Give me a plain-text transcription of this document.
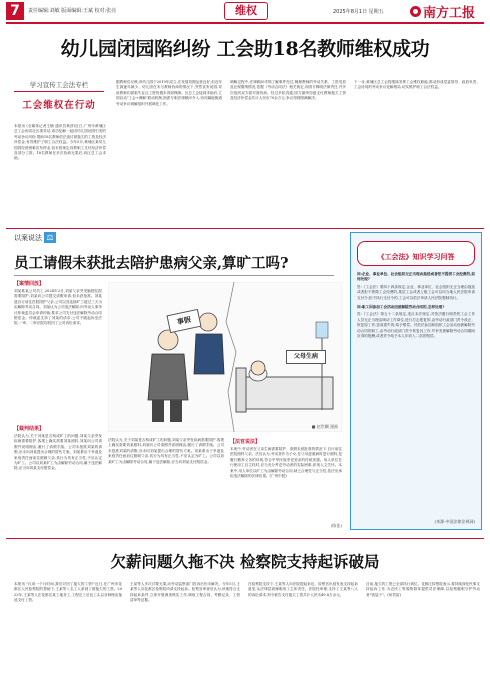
7	责任编辑:刘敏 版面编辑:王斌 校对:张亮	维权	2025年8月1日 星期五	南方工报
幼儿园闭园陷纠纷 工会助18名教师维权成功
学习宣传工会法专栏
工会维权在行动
本报讯 (全媒体记者王楠 通讯员黄淳)近日,广州市黄埔区总工会协同社区指导站,成功化解一起因幼儿园闭园引发的劳动争议纠纷,帮助18名教师依法追讨被拖欠的工资及经济补偿金,有效维护了职工合法权益。今年5月,黄埔区某幼儿园因经营困难宣布停业,但未按规定向教职工支付经济补偿及部分工资。18名教师在多次协商无果后,向区总工会求助。
据教师们反映,该幼儿园于2019年成立,在发展初期运营良好,但近年生源逐年减少。幼儿园在未与教师协商的情况下,突然宣布闭园,导致教师们面临失业且工资待遇未得到保障。区总工会接到求助后,立即启动"工会+调解"联动机制,指派专职法律顾问介入,协同属地街道劳动争议调解组织开展调处工作。
调解过程中,法律顾问详细了解事件经过,梳理教师的劳动关系、工资发放及社保缴纳情况,依据《劳动合同法》相关规定,向园方释明法律责任,并多次组织双方面对面协商。经过多轮沟通,园方最终同意支付教师拖欠工资及经济补偿金共计人民币70余万元,争议得到圆满解决。
下一步,黄埔区总工会将继续发挥工会维权职能,推动形成党委领导、政府负责、工会协同的劳动争议化解格局,切实维护职工合法权益。
以案说法 ⚖
员工请假未获批去陪护患病父亲,算旷工吗?
【案情回放】
刘某系某公司员工,2024年2月,刘某父亲突发脑梗住院需要陪护,刘某向公司提交请假申请,但未获批准。刘某遂自行前往医院陪护父亲,公司以其连续旷工超过三天为由解除劳动合同。刘某认为公司违法解除,向劳动人事争议仲裁委员会申请仲裁,要求公司支付违法解除劳动合同赔偿金。仲裁委支持了刘某的请求,公司不服起诉至法院,一审、二审法院均驳回了公司诉讼请求。
【裁判结果】
法院认为,关于刘某是否构成旷工的问题,刘某父亲突发疾病需要陪护,客观上确实需要刘某照料,刘某向公司请假并说明理由,履行了请假手续。公司未批准刘某的请假,亦未向刘某提出合理的替代方案。刘某系出于孝道及家庭责任而前往照顾父亲,其行为具有正当性,不应认定为旷工。公司以刘某旷工为由解除劳动合同,属于违法解除,应当向刘某支付赔偿金。
事假
父母生病
■ 赵世麟 漫画
法院认为,关于刘某是否构成旷工的问题,刘某父亲突发疾病需要陪护,客观上确实需要刘某照料,刘某向公司请假并说明理由,履行了请假手续。公司未批准刘某的请假,亦未向刘某提出合理的替代方案。刘某系出于孝道及家庭责任而前往照顾父亲,其行为具有正当性,不应认定为旷工。公司以刘某旷工为由解除劳动合同,属于违法解除,应当向刘某支付赔偿金。
【法官说法】
本案中,劳动者在父亲生病需要陪护、请假未被批准的情况下,自行前往医院照料父亲。法官认为,劳动者作为子女,在父母患重病时进行照料,是履行赡养义务的体现,符合中华民族孝老爱亲的传统美德。用人单位在行使用工自主权时,应当充分考虑劳动者的实际困难,体现人文关怀。本案中,用人单位以旷工为由解除劳动合同,缺乏合理性与正当性,依法应承担违法解除的法律后果。(广州中院)
(陈佳)
《工会法》知识学习问答
问:企业、事业单位、社会组织无正当理由拖延或者拒不提供工会经费的,如何处理?
答:《工会法》第四十四条规定,企业、事业单位、社会组织无正当理由拖延或者拒不拨缴工会经费的,基层工会或者上级工会可以向当地人民法院申请支付令;拒不执行支付令的,工会可以依法申请人民法院强制执行。
问:职工因参加工会活动而被解除劳动合同的,怎样处理?
答:《工会法》第五十二条规定,违反本法规定,对依法履行职责的工会工作人员无正当理由调动工作岗位,进行打击报复的,由劳动行政部门责令改正、恢复原工作;造成损失的,给予赔偿。对依法参加和组织工会活动而被解除劳动合同的职工,由劳动行政部门责令恢复其工作,并补发被解除劳动合同期间应得的报酬,或者责令给予本人年收入二倍的赔偿。
(来源:中国法律法规网)
欠薪问题久拖不决 检察院支持起诉破局
本报讯 "仅用一个月时间,我们讨回了拖欠的工资!"近日,在广州市花都区人民检察院的帮助下,王某等八名工人拿到了被拖欠的工资。2023年,王某等人在花都区某工地务工,工程完工后包工头以各种理由拖延支付工资。
王某等人多次讨要无果,向劳动监察部门投诉后仍未解决。今年5月,王某等人向花都区检察院申请支持起诉。检察官审查后认为,该案符合支持起诉条件,立即开展调查核实工作,调取工程合同、考勤记录、工资清单等证据。
在检察院支持下,王某等人向法院提起诉讼。检察官出庭发表支持起诉意见,从法律层面阐明用工主体责任。法院经审理,支持了王某等八人的诉讼请求,判令被告支付拖欠工资共计人民币49.8万余元。
目前,拖欠的工资已全部执行到位。花都区检察院表示,将持续深化民事支持起诉工作,为农民工等弱势群体提供司法保障,以检察履职守护劳动者"钱袋子"。(何君裕)
